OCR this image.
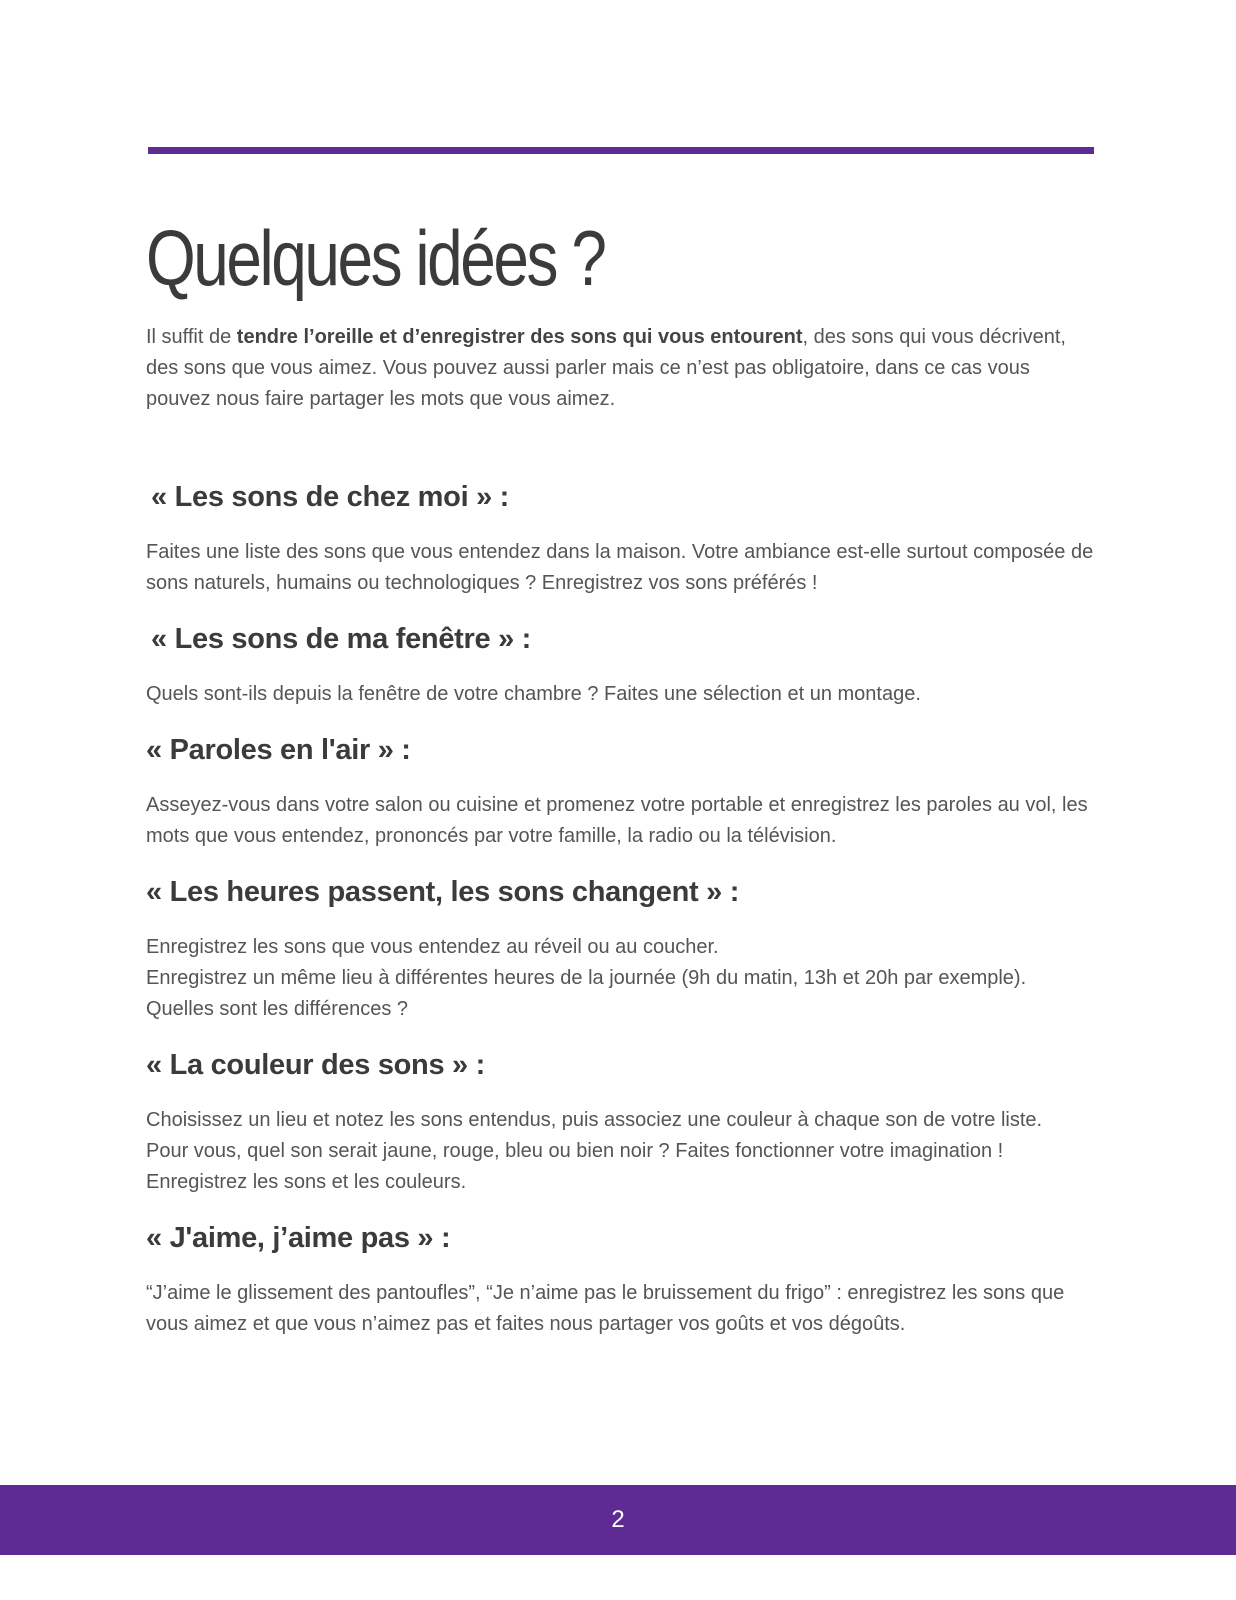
Quelques idées ?

Il suffit de tendre l’oreille et d’enregistrer des sons qui vous entourent, des sons qui vous décrivent, des sons que vous aimez. Vous pouvez aussi parler mais ce n’est pas obligatoire, dans ce cas vous pouvez nous faire partager les mots que vous aimez.

« Les sons de chez moi » :

Faites une liste des sons que vous entendez dans la maison. Votre ambiance est-elle surtout composée de sons naturels, humains ou technologiques ? Enregistrez vos sons préférés !

« Les sons de ma fenêtre » :

Quels sont-ils depuis la fenêtre de votre chambre ? Faites une sélection et un montage.

« Paroles en l'air » :

Asseyez-vous dans votre salon ou cuisine et promenez votre portable et enregistrez les paroles au vol, les mots que vous entendez, prononcés par votre famille, la radio ou la télévision.

« Les heures passent, les sons changent » :

Enregistrez les sons que vous entendez au réveil ou au coucher.
Enregistrez un même lieu à différentes heures de la journée (9h du matin, 13h et 20h par exemple). Quelles sont les différences ?

« La couleur des sons » :

Choisissez un lieu et notez les sons entendus, puis associez une couleur à chaque son de votre liste.
Pour vous, quel son serait jaune, rouge, bleu ou bien noir ? Faites fonctionner votre imagination !
Enregistrez les sons et les couleurs.

« J'aime, j’aime pas » :

“J’aime le glissement des pantoufles”, “Je n’aime pas le bruissement du frigo” : enregistrez les sons que vous aimez et que vous n’aimez pas et faites nous partager vos goûts et vos dégoûts.

2
